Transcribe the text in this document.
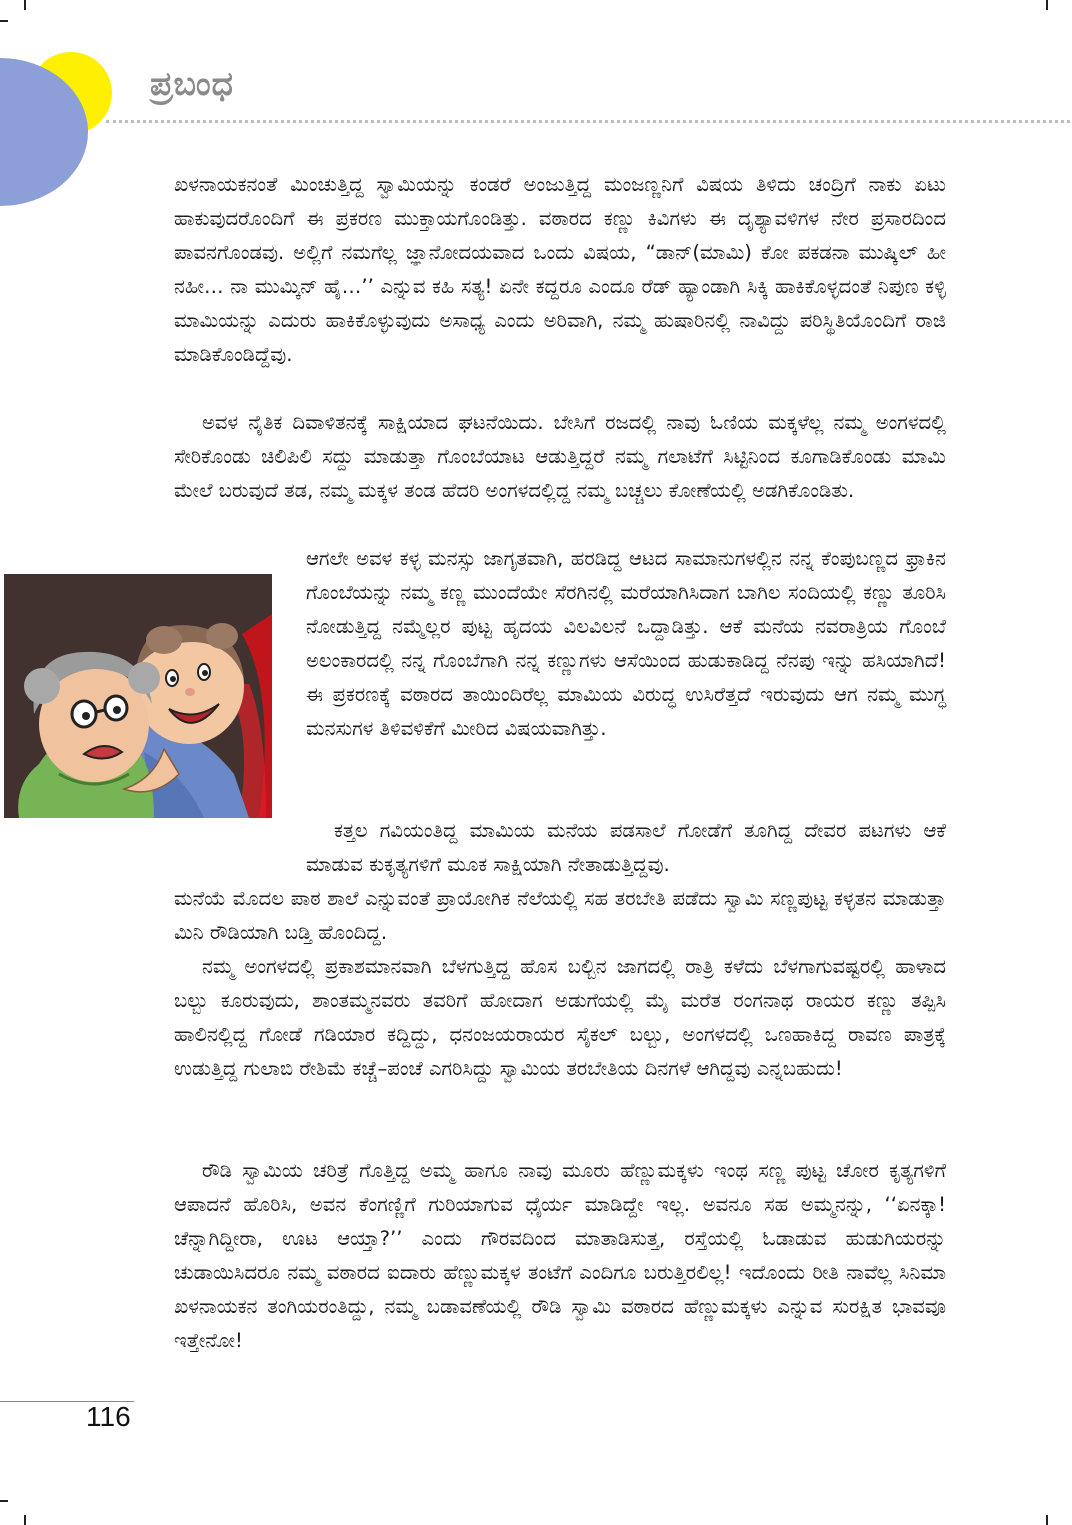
ಪ್ರಬಂಧ

ಖಳನಾಯಕನಂತೆ ಮಿಂಚುತ್ತಿದ್ದ ಸ್ವಾಮಿಯನ್ನು ಕಂಡರೆ ಅಂಜುತ್ತಿದ್ದ ಮಂಜಣ್ಣನಿಗೆ ವಿಷಯ ತಿಳಿದು ಚಂದ್ರಿಗೆ ನಾಕು ಏಟು ಹಾಕುವುದರೊಂದಿಗೆ ಈ ಪ್ರಕರಣ ಮುಕ್ತಾಯಗೊಂಡಿತ್ತು. ವಠಾರದ ಕಣ್ಣು ಕಿವಿಗಳು ಈ ದೃಶ್ಯಾವಳಿಗಳ ನೇರ ಪ್ರಸಾರದಿಂದ ಪಾವನಗೊಂಡವು. ಅಲ್ಲಿಗೆ ನಮಗೆಲ್ಲ ಜ್ಞಾನೋದಯವಾದ ಒಂದು ವಿಷಯ, “ಡಾನ್(ಮಾಮಿ) ಕೋ ಪಕಡನಾ ಮುಷ್ಕಿಲ್ ಹೀ ನಹೀ… ನಾ ಮುಮ್ಕಿನ್ ಹೈ…’’ ಎನ್ನುವ ಕಹಿ ಸತ್ಯ! ಏನೇ ಕದ್ದರೂ ಎಂದೂ ರೆಡ್ ಹ್ಯಾಂಡಾಗಿ ಸಿಕ್ಕಿ ಹಾಕಿಕೊಳ್ಳದಂತೆ ನಿಪುಣ ಕಳ್ಳಿ ಮಾಮಿಯನ್ನು ಎದುರು ಹಾಕಿಕೊಳ್ಳುವುದು ಅಸಾಧ್ಯ ಎಂದು ಅರಿವಾಗಿ, ನಮ್ಮ ಹುಷಾರಿನಲ್ಲಿ ನಾವಿದ್ದು ಪರಿಸ್ಥಿತಿಯೊಂದಿಗೆ ರಾಜಿ ಮಾಡಿಕೊಂಡಿದ್ದೆವು.

ಅವಳ ನೈತಿಕ ದಿವಾಳಿತನಕ್ಕೆ ಸಾಕ್ಷಿಯಾದ ಘಟನೆಯಿದು. ಬೇಸಿಗೆ ರಜದಲ್ಲಿ ನಾವು ಓಣಿಯ ಮಕ್ಕಳೆಲ್ಲ ನಮ್ಮ ಅಂಗಳದಲ್ಲಿ ಸೇರಿಕೊಂಡು ಚಿಲಿಪಿಲಿ ಸದ್ದು ಮಾಡುತ್ತಾ ಗೊಂಬೆಯಾಟ ಆಡುತ್ತಿದ್ದರೆ ನಮ್ಮ ಗಲಾಟೆಗೆ ಸಿಟ್ಟಿನಿಂದ ಕೂಗಾಡಿಕೊಂಡು ಮಾಮಿ ಮೇಲೆ ಬರುವುದೆ ತಡ, ನಮ್ಮ ಮಕ್ಕಳ ತಂಡ ಹೆದರಿ ಅಂಗಳದಲ್ಲಿದ್ದ ನಮ್ಮ ಬಚ್ಚಲು ಕೋಣೆಯಲ್ಲಿ ಅಡಗಿಕೊಂಡಿತು.

ಆಗಲೇ ಅವಳ ಕಳ್ಳ ಮನಸ್ಸು ಜಾಗೃತವಾಗಿ, ಹರಡಿದ್ದ ಆಟದ ಸಾಮಾನುಗಳಲ್ಲಿನ ನನ್ನ ಕೆಂಪುಬಣ್ಣದ ಫ್ರಾಕಿನ ಗೊಂಬೆಯನ್ನು ನಮ್ಮ ಕಣ್ಣ ಮುಂದೆಯೇ ಸೆರಗಿನಲ್ಲಿ ಮರೆಯಾಗಿಸಿದಾಗ ಬಾಗಿಲ ಸಂದಿಯಲ್ಲಿ ಕಣ್ಣು ತೂರಿಸಿ ನೋಡುತ್ತಿದ್ದ ನಮ್ಮೆಲ್ಲರ ಪುಟ್ಟ ಹೃದಯ ವಿಲವಿಲನೆ ಒದ್ದಾಡಿತ್ತು. ಆಕೆ ಮನೆಯ ನವರಾತ್ರಿಯ ಗೊಂಬೆ ಅಲಂಕಾರದಲ್ಲಿ ನನ್ನ ಗೊಂಬೆಗಾಗಿ ನನ್ನ ಕಣ್ಣುಗಳು ಆಸೆಯಿಂದ ಹುಡುಕಾಡಿದ್ದ ನೆನಪು ಇನ್ನು ಹಸಿಯಾಗಿದೆ! ಈ ಪ್ರಕರಣಕ್ಕೆ ವಠಾರದ ತಾಯಿಂದಿರೆಲ್ಲ ಮಾಮಿಯ ವಿರುದ್ಧ ಉಸಿರೆತ್ತದೆ ಇರುವುದು ಆಗ ನಮ್ಮ ಮುಗ್ಧ ಮನಸುಗಳ ತಿಳಿವಳಿಕೆಗೆ ಮೀರಿದ ವಿಷಯವಾಗಿತ್ತು.

ಕತ್ತಲ ಗವಿಯಂತಿದ್ದ ಮಾಮಿಯ ಮನೆಯ ಪಡಸಾಲೆ ಗೋಡೆಗೆ ತೂಗಿದ್ದ ದೇವರ ಪಟಗಳು ಆಕೆ ಮಾಡುವ ಕುಕೃತ್ಯಗಳಿಗೆ ಮೂಕ ಸಾಕ್ಷಿಯಾಗಿ ನೇತಾಡುತ್ತಿದ್ದವು.

ಮನೆಯೆ ಮೊದಲ ಪಾಠ ಶಾಲೆ ಎನ್ನುವಂತೆ ಪ್ರಾಯೋಗಿಕ ನೆಲೆಯಲ್ಲಿ ಸಹ ತರಬೇತಿ ಪಡೆದು ಸ್ವಾಮಿ ಸಣ್ಣಪುಟ್ಟ ಕಳ್ಳತನ ಮಾಡುತ್ತಾ ಮಿನಿ ರೌಡಿಯಾಗಿ ಬಡ್ತಿ ಹೊಂದಿದ್ದ.

ನಮ್ಮ ಅಂಗಳದಲ್ಲಿ ಪ್ರಕಾಶಮಾನವಾಗಿ ಬೆಳಗುತ್ತಿದ್ದ ಹೊಸ ಬಲ್ಬಿನ ಜಾಗದಲ್ಲಿ ರಾತ್ರಿ ಕಳೆದು ಬೆಳಗಾಗುವಷ್ಟರಲ್ಲಿ ಹಾಳಾದ ಬಲ್ಬು ಕೂರುವುದು, ಶಾಂತಮ್ಮನವರು ತವರಿಗೆ ಹೋದಾಗ ಅಡುಗೆಯಲ್ಲಿ ಮೈ ಮರೆತ ರಂಗನಾಥ ರಾಯರ ಕಣ್ಣು ತಪ್ಪಿಸಿ ಹಾಲಿನಲ್ಲಿದ್ದ ಗೋಡೆ ಗಡಿಯಾರ ಕದ್ದಿದ್ದು, ಧನಂಜಯರಾಯರ ಸೈಕಲ್ ಬಲ್ಬು, ಅಂಗಳದಲ್ಲಿ ಒಣಹಾಕಿದ್ದ ರಾವಣ ಪಾತ್ರಕ್ಕೆ ಉಡುತ್ತಿದ್ದ ಗುಲಾಬಿ ರೇಶಿಮೆ ಕಚ್ಚೆ–ಪಂಚೆ ಎಗರಿಸಿದ್ದು ಸ್ವಾಮಿಯ ತರಬೇತಿಯ ದಿನಗಳೆ ಆಗಿದ್ದವು ಎನ್ನಬಹುದು!

ರೌಡಿ ಸ್ವಾಮಿಯ ಚರಿತ್ರೆ ಗೊತ್ತಿದ್ದ ಅಮ್ಮ ಹಾಗೂ ನಾವು ಮೂರು ಹೆಣ್ಣುಮಕ್ಕಳು ಇಂಥ ಸಣ್ಣ ಪುಟ್ಟ ಚೋರ ಕೃತ್ಯಗಳಿಗೆ ಆಪಾದನೆ ಹೊರಿಸಿ, ಅವನ ಕೆಂಗಣ್ಣಿಗೆ ಗುರಿಯಾಗುವ ಧೈರ್ಯ ಮಾಡಿದ್ದೇ ಇಲ್ಲ. ಅವನೂ ಸಹ ಅಮ್ಮನನ್ನು, ‘‘ಏನಕ್ಕಾ! ಚೆನ್ನಾಗಿದ್ದೀರಾ, ಊಟ ಆಯ್ತಾ?’’ ಎಂದು ಗೌರವದಿಂದ ಮಾತಾಡಿಸುತ್ತ, ರಸ್ತೆಯಲ್ಲಿ ಓಡಾಡುವ ಹುಡುಗಿಯರನ್ನು ಚುಡಾಯಿಸಿದರೂ ನಮ್ಮ ವಠಾರದ ಐದಾರು ಹೆಣ್ಣುಮಕ್ಕಳ ತಂಟೆಗೆ ಎಂದಿಗೂ ಬರುತ್ತಿರಲಿಲ್ಲ! ಇದೊಂದು ರೀತಿ ನಾವೆಲ್ಲ ಸಿನಿಮಾ ಖಳನಾಯಕನ ತಂಗಿಯರಂತಿದ್ದು, ನಮ್ಮ ಬಡಾವಣೆಯಲ್ಲಿ ರೌಡಿ ಸ್ವಾಮಿ ವಠಾರದ ಹೆಣ್ಣುಮಕ್ಕಳು ಎನ್ನುವ ಸುರಕ್ಷಿತ ಭಾವವೂ ಇತ್ತೇನೋ!

116
